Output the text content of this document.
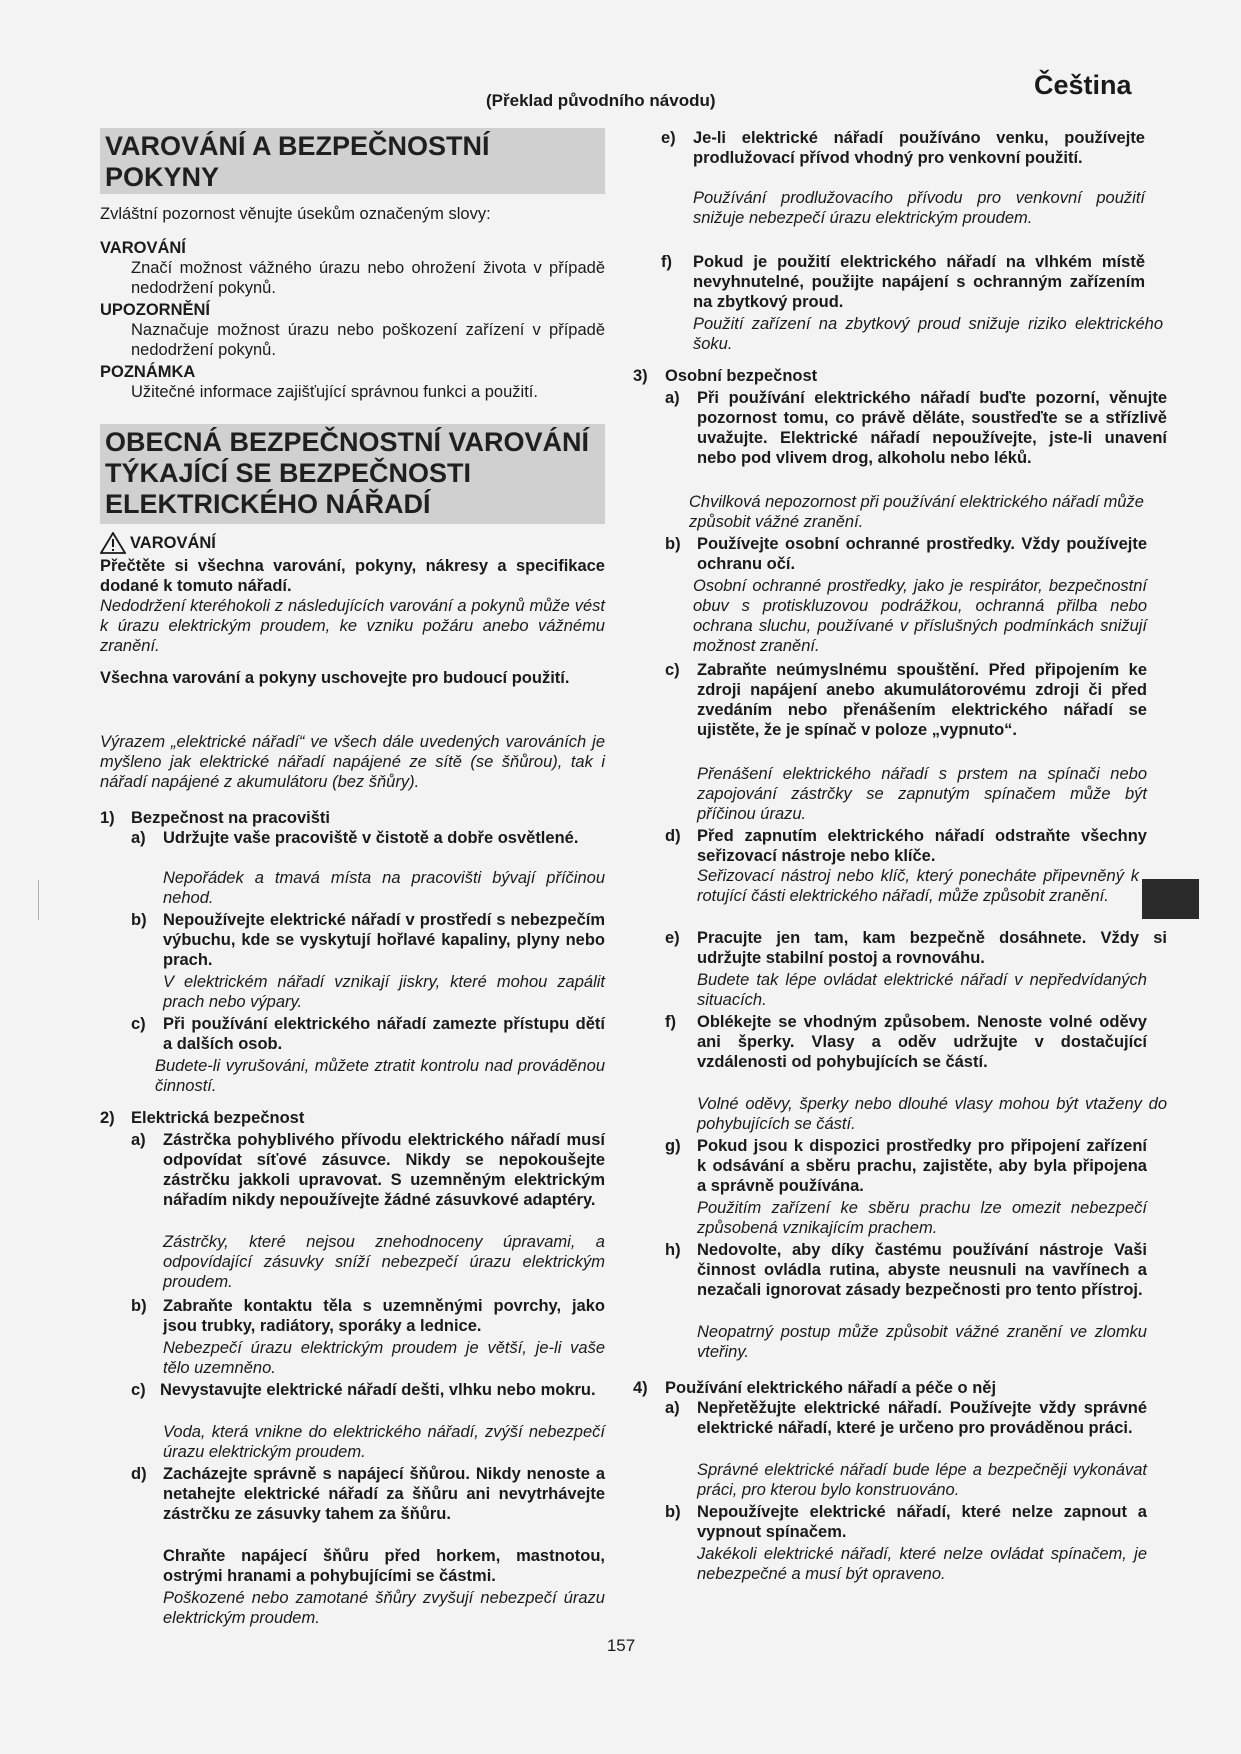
(Překlad původního návodu)
Čeština
VAROVÁNÍ A BEZPEČNOSTNÍ POKYNY
Zvláštní pozornost věnujte úsekům označeným slovy:
VAROVÁNÍ
Značí možnost vážného úrazu nebo ohrožení života v případě nedodržení pokynů.
UPOZORNĚNÍ
Naznačuje možnost úrazu nebo poškození zařízení v případě nedodržení pokynů.
POZNÁMKA
Užitečné informace zajišťující správnou funkci a použití.
OBECNÁ BEZPEČNOSTNÍ VAROVÁNÍ TÝKAJÍCÍ SE BEZPEČNOSTI ELEKTRICKÉHO NÁŘADÍ
VAROVÁNÍ
Přečtěte si všechna varování, pokyny, nákresy a specifikace dodané k tomuto nářadí.
Nedodržení kteréhokoli z následujících varování a pokynů může vést k úrazu elektrickým proudem, ke vzniku požáru anebo vážnému zranění.
Všechna varování a pokyny uschovejte pro budoucí použití.
Výrazem „elektrické nářadí“ ve všech dále uvedených varováních je myšleno jak elektrické nářadí napájené ze sítě (se šňůrou), tak i nářadí napájené z akumulátoru (bez šňůry).
1) Bezpečnost na pracovišti
a) Udržujte vaše pracoviště v čistotě a dobře osvětlené.
Nepořádek a tmavá místa na pracovišti bývají příčinou nehod.
b) Nepoužívejte elektrické nářadí v prostředí s nebezpečím výbuchu, kde se vyskytují hořlavé kapaliny, plyny nebo prach.
V elektrickém nářadí vznikají jiskry, které mohou zapálit prach nebo výpary.
c) Při používání elektrického nářadí zamezte přístupu dětí a dalších osob.
Budete-li vyrušováni, můžete ztratit kontrolu nad prováděnou činností.
2) Elektrická bezpečnost
a) Zástrčka pohyblivého přívodu elektrického nářadí musí odpovídat síťové zásuvce. Nikdy se nepokoušejte zástrčku jakkoli upravovat. S uzemněným elektrickým nářadím nikdy nepoužívejte žádné zásuvkové adaptéry.
Zástrčky, které nejsou znehodnoceny úpravami, a odpovídající zásuvky sníží nebezpečí úrazu elektrickým proudem.
b) Zabraňte kontaktu těla s uzemněnými povrchy, jako jsou trubky, radiátory, sporáky a lednice.
Nebezpečí úrazu elektrickým proudem je větší, je-li vaše tělo uzemněno.
c) Nevystavujte elektrické nářadí dešti, vlhku nebo mokru.
Voda, která vnikne do elektrického nářadí, zvýší nebezpečí úrazu elektrickým proudem.
d) Zacházejte správně s napájecí šňůrou. Nikdy nenoste a netahejte elektrické nářadí za šňůru ani nevytrhávejte zástrčku ze zásuvky tahem za šňůru.
Chraňte napájecí šňůru před horkem, mastnotou, ostrými hranami a pohybujícími se částmi.
Poškozené nebo zamotané šňůry zvyšují nebezpečí úrazu elektrickým proudem.
e) Je-li elektrické nářadí používáno venku, používejte prodlužovací přívod vhodný pro venkovní použití.
Používání prodlužovacího přívodu pro venkovní použití snižuje nebezpečí úrazu elektrickým proudem.
f) Pokud je použití elektrického nářadí na vlhkém místě nevyhnutelné, použijte napájení s ochranným zařízením na zbytkový proud.
Použití zařízení na zbytkový proud snižuje riziko elektrického šoku.
3) Osobní bezpečnost
a) Při používání elektrického nářadí buďte pozorní, věnujte pozornost tomu, co právě děláte, soustřeďte se a střízlivě uvažujte. Elektrické nářadí nepoužívejte, jste-li unavení nebo pod vlivem drog, alkoholu nebo léků.
Chvilková nepozornost při používání elektrického nářadí může způsobit vážné zranění.
b) Používejte osobní ochranné prostředky. Vždy používejte ochranu očí.
Osobní ochranné prostředky, jako je respirátor, bezpečnostní obuv s protiskluzovou podrážkou, ochranná přilba nebo ochrana sluchu, používané v příslušných podmínkách snižují možnost zranění.
c) Zabraňte neúmyslnému spouštění. Před připojením ke zdroji napájení anebo akumulátorovému zdroji či před zvedáním nebo přenášením elektrického nářadí se ujistěte, že je spínač v poloze „vypnuto“.
Přenášení elektrického nářadí s prstem na spínači nebo zapojování zástrčky se zapnutým spínačem může být příčinou úrazu.
d) Před zapnutím elektrického nářadí odstraňte všechny seřizovací nástroje nebo klíče.
Seřizovací nástroj nebo klíč, který ponecháte připevněný k rotující části elektrického nářadí, může způsobit zranění.
e) Pracujte jen tam, kam bezpečně dosáhnete. Vždy si udržujte stabilní postoj a rovnováhu.
Budete tak lépe ovládat elektrické nářadí v nepředvídaných situacích.
f) Oblékejte se vhodným způsobem. Nenoste volné oděvy ani šperky. Vlasy a oděv udržujte v dostačující vzdálenosti od pohybujících se částí.
Volné oděvy, šperky nebo dlouhé vlasy mohou být vtaženy do pohybujících se částí.
g) Pokud jsou k dispozici prostředky pro připojení zařízení k odsávání a sběru prachu, zajistěte, aby byla připojena a správně používána.
Použitím zařízení ke sběru prachu lze omezit nebezpečí způsobená vznikajícím prachem.
h) Nedovolte, aby díky častému používání nástroje Vaši činnost ovládla rutina, abyste neusnuli na vavřínech a nezačali ignorovat zásady bezpečnosti pro tento přístroj.
Neopatrný postup může způsobit vážné zranění ve zlomku vteřiny.
4) Používání elektrického nářadí a péče o něj
a) Nepřetěžujte elektrické nářadí. Používejte vždy správné elektrické nářadí, které je určeno pro prováděnou práci.
Správné elektrické nářadí bude lépe a bezpečněji vykonávat práci, pro kterou bylo konstruováno.
b) Nepoužívejte elektrické nářadí, které nelze zapnout a vypnout spínačem.
Jakékoli elektrické nářadí, které nelze ovládat spínačem, je nebezpečné a musí být opraveno.
157
